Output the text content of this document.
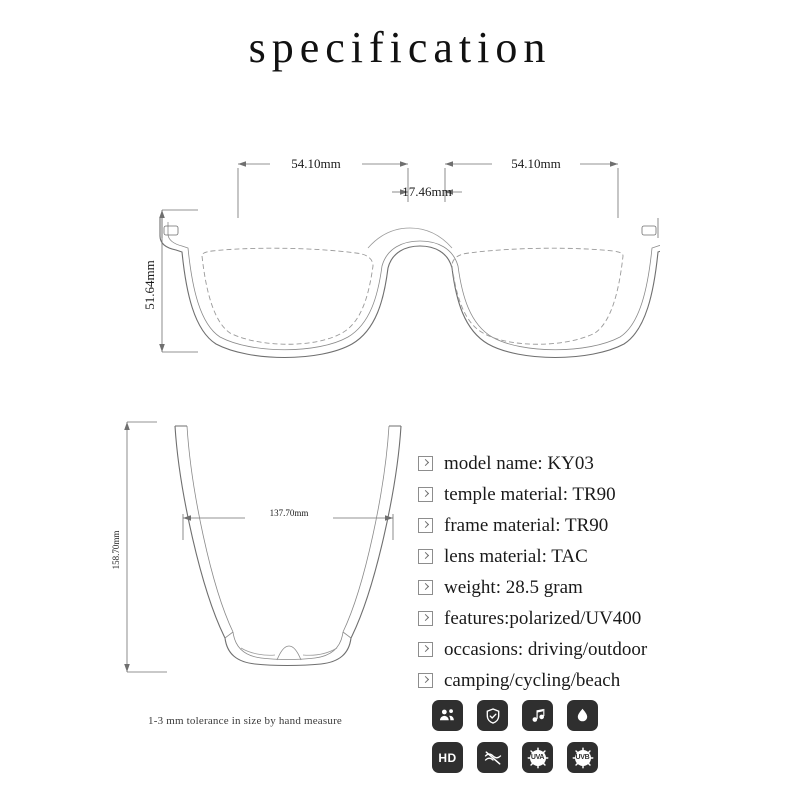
specification
54.10mm	54.10mm
17.46mm
51.64mm
158.70mm
137.70mm
1-3 mm tolerance in size by hand measure
model name: KY03
temple material: TR90
frame material: TR90
lens material: TAC
weight: 28.5 gram
features:polarized/UV400
occasions: driving/outdoor
camping/cycling/beach
HD	UVA	UVB
